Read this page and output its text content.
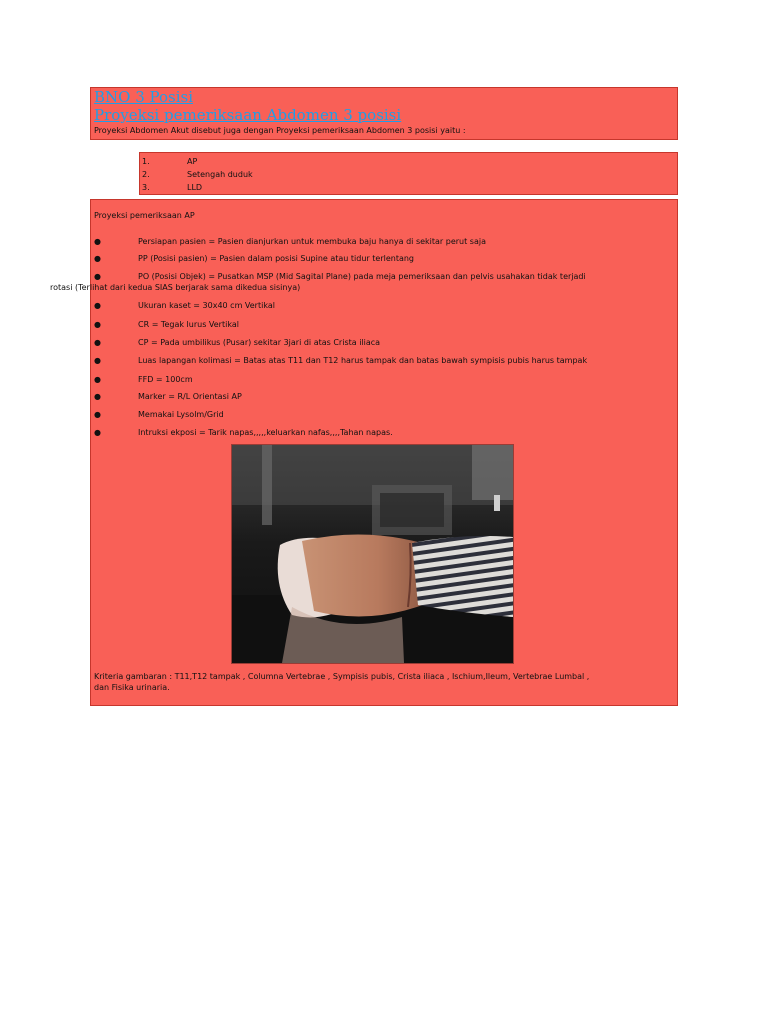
BNO 3 Posisi
Proyeksi pemeriksaan Abdomen 3 posisi
Proyeksi Abdomen Akut disebut juga dengan Proyeksi pemeriksaan Abdomen 3 posisi yaitu :
1.	AP
2.	Setengah duduk
3.	LLD
Proyeksi pemeriksaan AP
●	Persiapan pasien = Pasien dianjurkan untuk membuka baju hanya di sekitar perut saja
●	PP (Posisi pasien) = Pasien dalam posisi Supine atau tidur terlentang
●	PO (Posisi Objek) = Pusatkan MSP (Mid Sagital Plane) pada meja pemeriksaan dan pelvis usahakan tidak terjadi
rotasi (Terlihat dari kedua SIAS berjarak sama dikedua sisinya)
●	Ukuran kaset = 30x40 cm Vertikal
●	CR = Tegak lurus Vertikal
●	CP = Pada umbilikus (Pusar) sekitar 3jari di atas Crista iliaca
●	Luas lapangan kolimasi = Batas atas T11 dan T12 harus tampak dan batas bawah sympisis pubis harus tampak
●	FFD = 100cm
●	Marker = R/L Orientasi AP
●	Memakai Lysolm/Grid
●	Intruksi ekposi = Tarik napas,,,,,keluarkan nafas,,,,Tahan napas.
Kriteria gambaran : T11,T12 tampak , Columna Vertebrae , Sympisis pubis, Crista iliaca , Ischium,Ileum, Vertebrae Lumbal ,
dan Fisika urinaria.
